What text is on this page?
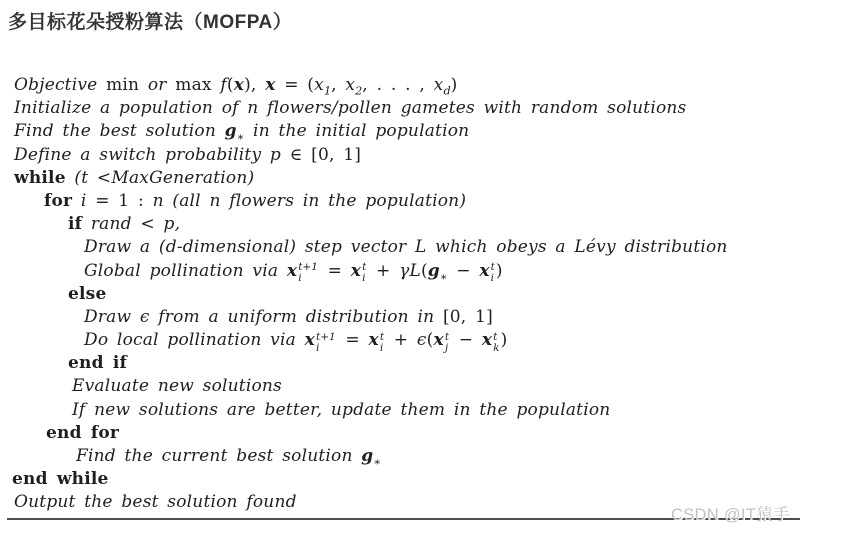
多目标花朵授粉算法（MOFPA）
Objective min or max f(x), $x = (x_1$, $x_2$, . . . , $x_d$)
Initialize a population of n flowers/pollen gametes with random solutions
Find the best solution $g_∗$ in the initial population
Define a switch probability p ∈ [0, 1]
while (t <MaxGeneration)
for i = 1 : n (all n flowers in the population)
if rand < p,
Draw a (d-dimensional) step vector L which obeys a Lévy distribution
Global pollination via x t+1
i	= x t
$i + \gamma L(g_∗ - x$ t
i )
else
Draw ϵ from a uniform distribution in [0, 1]
Do local pollination via x t+1
i	= x t
i + ϵ(x t
j − x t
k )
end if
Evaluate new solutions
If new solutions are better, update them in the population
end for
Find the current best solution $g_∗$
end while
Output the best solution found
CSDN @IT猿手
